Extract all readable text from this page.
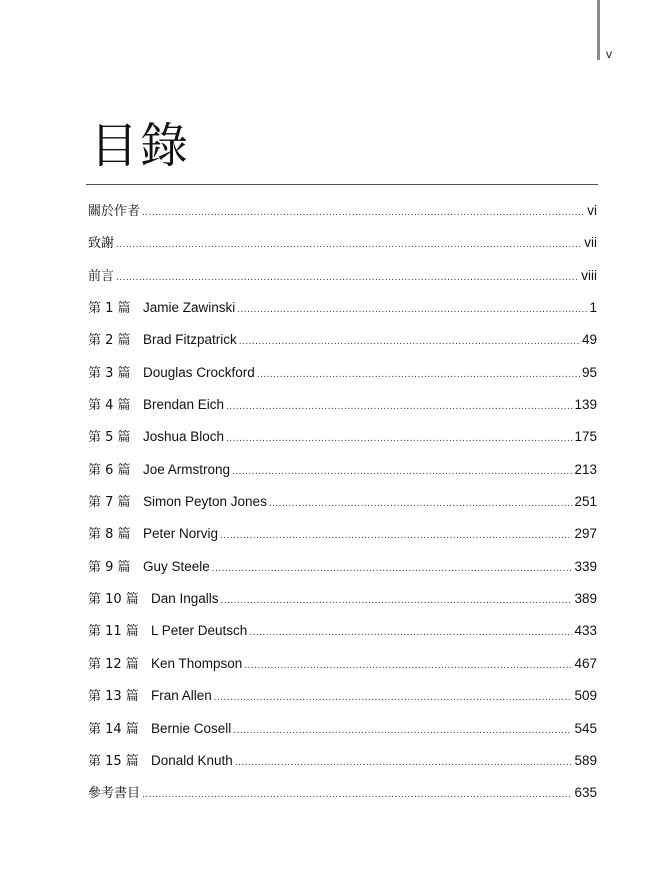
v
目錄
關於作者 .....	vi
致謝 .....	vii
前言 .....	viii
第 1 篇 Jamie Zawinski .....	1
第 2 篇 Brad Fitzpatrick .....	49
第 3 篇 Douglas Crockford .....	95
第 4 篇 Brendan Eich .....	139
第 5 篇 Joshua Bloch .....	175
第 6 篇 Joe Armstrong .....	213
第 7 篇 Simon Peyton Jones .....	251
第 8 篇 Peter Norvig .....	297
第 9 篇 Guy Steele .....	339
第 10 篇 Dan Ingalls .....	389
第 11 篇 L Peter Deutsch .....	433
第 12 篇 Ken Thompson .....	467
第 13 篇 Fran Allen .....	509
第 14 篇 Bernie Cosell .....	545
第 15 篇 Donald Knuth .....	589
參考書目 .....	635
